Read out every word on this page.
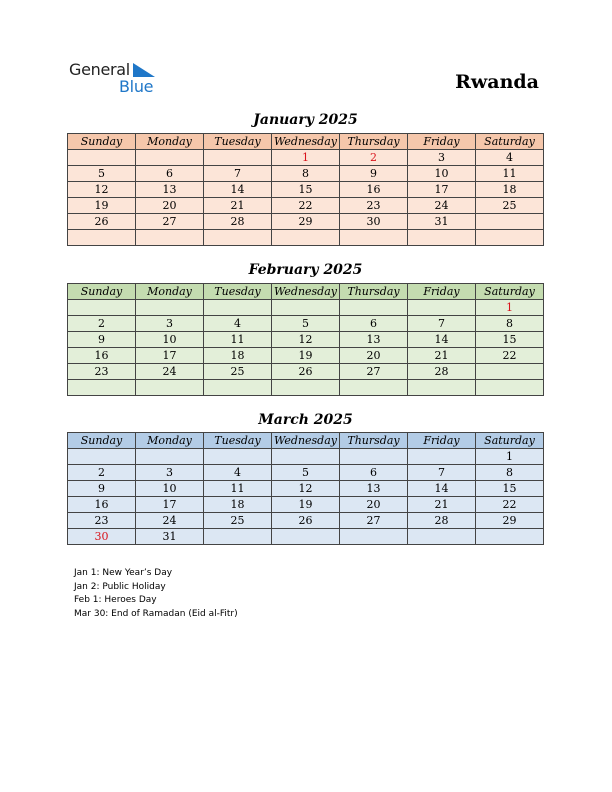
General
Blue	Rwanda
January 2025
Sunday	Monday	Tuesday	Wednesday	Thursday	Friday	Saturday
			1	2	3	4
5	6	7	8	9	10	11
12	13	14	15	16	17	18
19	20	21	22	23	24	25
26	27	28	29	30	31	

February 2025
Sunday	Monday	Tuesday	Wednesday	Thursday	Friday	Saturday
						1
2	3	4	5	6	7	8
9	10	11	12	13	14	15
16	17	18	19	20	21	22
23	24	25	26	27	28	

March 2025
Sunday	Monday	Tuesday	Wednesday	Thursday	Friday	Saturday
						1
2	3	4	5	6	7	8
9	10	11	12	13	14	15
16	17	18	19	20	21	22
23	24	25	26	27	28	29
30	31					
Jan 1: New Year’s Day
Jan 2: Public Holiday
Feb 1: Heroes Day
Mar 30: End of Ramadan (Eid al-Fitr)
